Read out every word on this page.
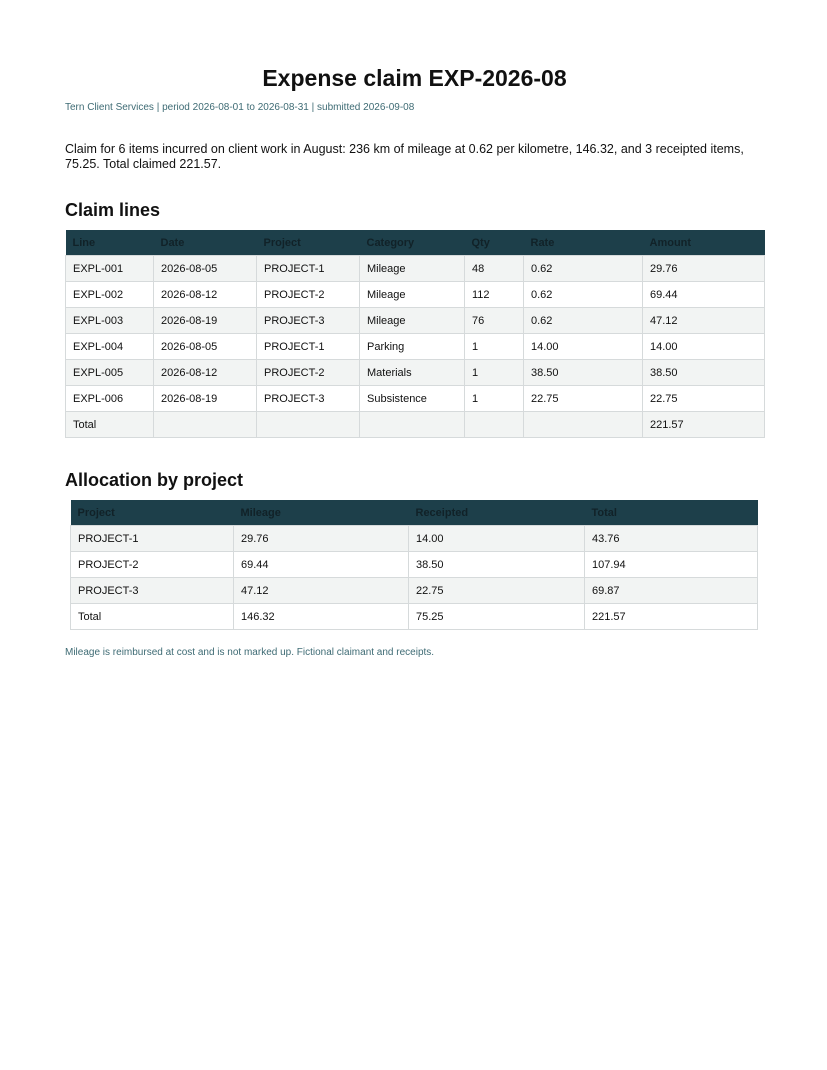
Expense claim EXP-2026-08

Tern Client Services | period 2026-08-01 to 2026-08-31 | submitted 2026-09-08

Claim for 6 items incurred on client work in August: 236 km of mileage at 0.62 per kilometre, 146.32, and 3 receipted items, 75.25. Total claimed 221.57.

Claim lines
Line	Date	Project	Category	Qty	Rate	Amount
EXPL-001	2026-08-05	PROJECT-1	Mileage	48	0.62	29.76
EXPL-002	2026-08-12	PROJECT-2	Mileage	112	0.62	69.44
EXPL-003	2026-08-19	PROJECT-3	Mileage	76	0.62	47.12
EXPL-004	2026-08-05	PROJECT-1	Parking	1	14.00	14.00
EXPL-005	2026-08-12	PROJECT-2	Materials	1	38.50	38.50
EXPL-006	2026-08-19	PROJECT-3	Subsistence	1	22.75	22.75
Total						221.57
Allocation by project
Project	Mileage	Receipted	Total
PROJECT-1	29.76	14.00	43.76
PROJECT-2	69.44	38.50	107.94
PROJECT-3	47.12	22.75	69.87
Total	146.32	75.25	221.57

Mileage is reimbursed at cost and is not marked up. Fictional claimant and receipts.
